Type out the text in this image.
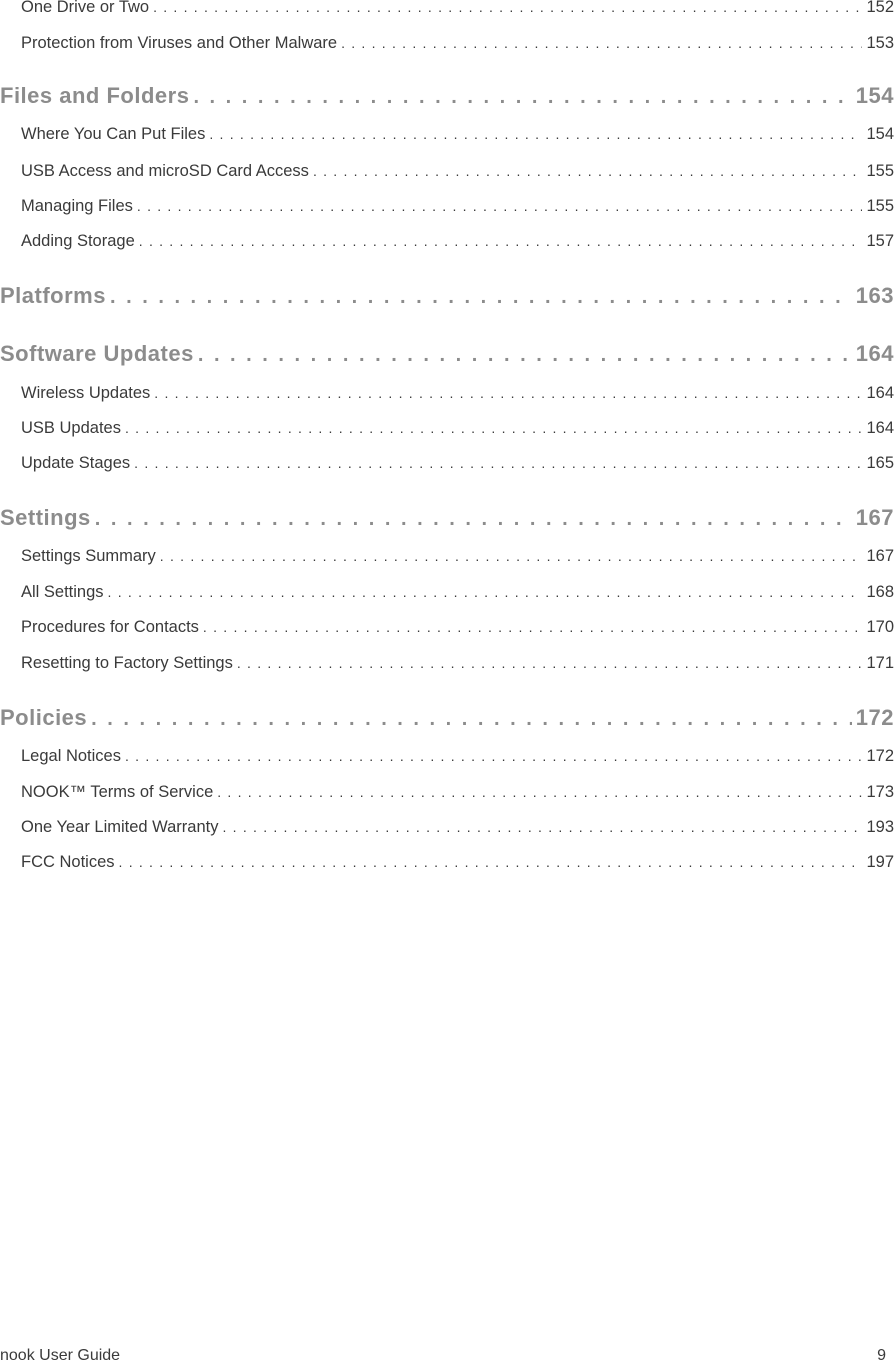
One Drive or Two . . .	152
Protection from Viruses and Other Malware . . .	153
Files and Folders . . .	154
Where You Can Put Files . . .	154
USB Access and microSD Card Access . . .	155
Managing Files . . .	155
Adding Storage . . .	157
Platforms . . .	163
Software Updates . . .	164
Wireless Updates . . .	164
USB Updates . . .	164
Update Stages . . .	165
Settings . . .	167
Settings Summary . . .	167
All Settings . . .	168
Procedures for Contacts . . .	170
Resetting to Factory Settings . . .	171
Policies . . .	172
Legal Notices . . .	172
NOOK™ Terms of Service . . .	173
One Year Limited Warranty . . .	193
FCC Notices . . .	197
nook User Guide	9
